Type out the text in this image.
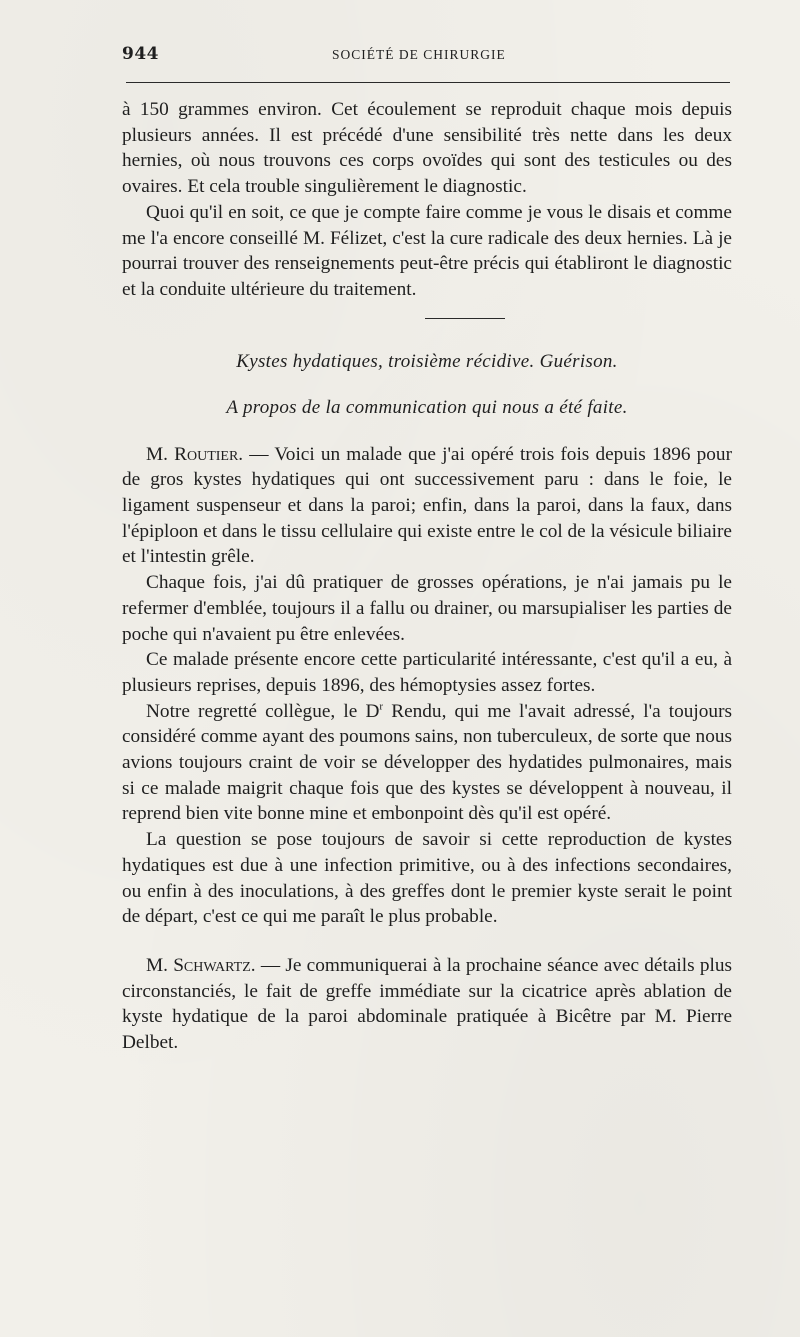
944	SOCIÉTÉ DE CHIRURGIE

à 150 grammes environ. Cet écoulement se reproduit chaque mois depuis plusieurs années. Il est précédé d'une sensibilité très nette dans les deux hernies, où nous trouvons ces corps ovoïdes qui sont des testicules ou des ovaires. Et cela trouble singulièrement le diagnostic.

Quoi qu'il en soit, ce que je compte faire comme je vous le disais et comme me l'a encore conseillé M. Félizet, c'est la cure radicale des deux hernies. Là je pourrai trouver des renseignements peut-être précis qui établiront le diagnostic et la conduite ultérieure du traitement.

Kystes hydatiques, troisième récidive. Guérison.
A propos de la communication qui nous a été faite.

M. Routier. — Voici un malade que j'ai opéré trois fois depuis 1896 pour de gros kystes hydatiques qui ont successivement paru : dans le foie, le ligament suspenseur et dans la paroi; enfin, dans la paroi, dans la faux, dans l'épiploon et dans le tissu cellulaire qui existe entre le col de la vésicule biliaire et l'intestin grêle.

Chaque fois, j'ai dû pratiquer de grosses opérations, je n'ai jamais pu le refermer d'emblée, toujours il a fallu ou drainer, ou marsupialiser les parties de poche qui n'avaient pu être enlevées.

Ce malade présente encore cette particularité intéressante, c'est qu'il a eu, à plusieurs reprises, depuis 1896, des hémoptysies assez fortes.

Notre regretté collègue, le $D^r$ Rendu, qui me l'avait adressé, l'a toujours considéré comme ayant des poumons sains, non tuberculeux, de sorte que nous avions toujours craint de voir se développer des hydatides pulmonaires, mais si ce malade maigrit chaque fois que des kystes se développent à nouveau, il reprend bien vite bonne mine et embonpoint dès qu'il est opéré.

La question se pose toujours de savoir si cette reproduction de kystes hydatiques est due à une infection primitive, ou à des infections secondaires, ou enfin à des inoculations, à des greffes dont le premier kyste serait le point de départ, c'est ce qui me paraît le plus probable.

M. Schwartz. — Je communiquerai à la prochaine séance avec détails plus circonstanciés, le fait de greffe immédiate sur la cicatrice après ablation de kyste hydatique de la paroi abdominale pratiquée à Bicêtre par M. Pierre Delbet.
